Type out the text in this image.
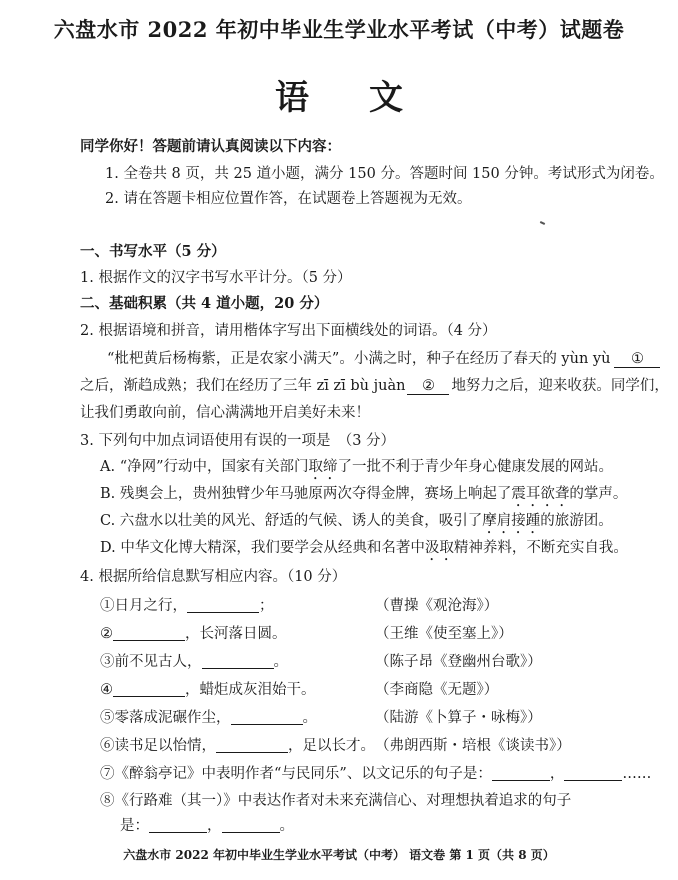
六盘水市 2022 年初中毕业生学业水平考试（中考）试题卷
语文
同学你好！答题前请认真阅读以下内容：
1. 全卷共 8 页，共 25 道小题，满分 150 分。答题时间 150 分钟。考试形式为闭卷。
2. 请在答题卡相应位置作答，在试题卷上答题视为无效。
一、书写水平（5 分）
1. 根据作文的汉字书写水平计分。（5 分）
二、基础积累（共 4 道小题，20 分）
2. 根据语境和拼音，请用楷体字写出下面横线处的词语。（4 分）
“枇杷黄后杨梅紫，正是农家小满天”。小满之时，种子在经历了春天的 yùn yù ①
之后，渐趋成熟；我们在经历了三年 zī zī bù juàn ② 地努力之后，迎来收获。同学们，
让我们勇敢向前，信心满满地开启美好未来！
3. 下列句中加点词语使用有误的一项是　（3 分）
A. “净网”行动中，国家有关部门取缔了一批不利于青少年身心健康发展的网站。
B. 残奥会上，贵州独臂少年马驰原两次夺得金牌，赛场上响起了震耳欲聋的掌声。
C. 六盘水以壮美的风光、舒适的气候、诱人的美食，吸引了摩肩接踵的旅游团。
D. 中华文化博大精深，我们要学会从经典和名著中汲取精神养料，不断充实自我。
4. 根据所给信息默写相应内容。（10 分）
①日月之行，	；	（曹操《观沧海》）
②	，长河落日圆。	（王维《使至塞上》）
③前不见古人，	。	（陈子昂《登幽州台歌》）
④	，蜡炬成灰泪始干。	（李商隐《无题》）
⑤零落成泥碾作尘，	。	（陆游《卜算子・咏梅》）
⑥读书足以怡情，	，足以长才。 （弗朗西斯・培根《谈读书》）
⑦《醉翁亭记》中表明作者“与民同乐”、以文记乐的句子是：	，	……
⑧《行路难（其一）》中表达作者对未来充满信心、对理想执着追求的句子
是：	，	。
六盘水市 2022 年初中毕业生学业水平考试（中考） 语文卷 第 1 页（共 8 页）
